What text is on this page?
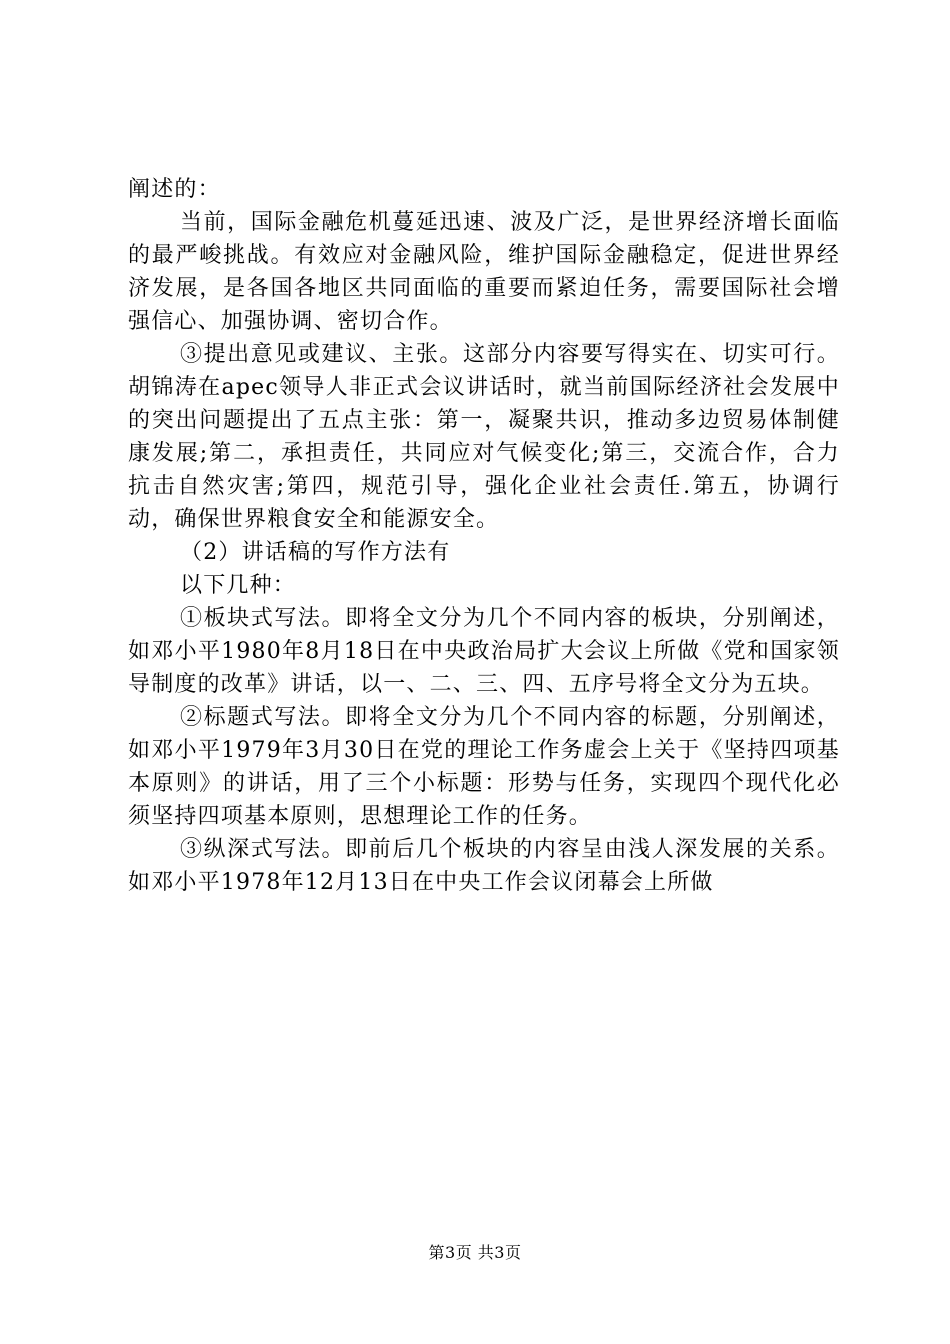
阐述的：

当前，国际金融危机蔓延迅速、波及广泛，是世界经济增长面临的最严峻挑战。有效应对金融风险，维护国际金融稳定，促进世界经济发展，是各国各地区共同面临的重要而紧迫任务，需要国际社会增强信心、加强协调、密切合作。

③提出意见或建议、主张。这部分内容要写得实在、切实可行。胡锦涛在apec领导人非正式会议讲话时，就当前国际经济社会发展中的突出问题提出了五点主张：第一，凝聚共识，推动多边贸易体制健康发展;第二，承担责任，共同应对气候变化;第三，交流合作，合力抗击自然灾害;第四，规范引导，强化企业社会责任.第五，协调行动，确保世界粮食安全和能源安全。

（2）讲话稿的写作方法有

以下几种：

①板块式写法。即将全文分为几个不同内容的板块，分别阐述，如邓小平1980年8月18日在中央政治局扩大会议上所做《党和国家领导制度的改革》讲话，以一、二、三、四、五序号将全文分为五块。

②标题式写法。即将全文分为几个不同内容的标题，分别阐述，如邓小平1979年3月30日在党的理论工作务虚会上关于《坚持四项基本原则》的讲话，用了三个小标题：形势与任务，实现四个现代化必须坚持四项基本原则，思想理论工作的任务。

③纵深式写法。即前后几个板块的内容呈由浅人深发展的关系。如邓小平1978年12月13日在中央工作会议闭幕会上所做

第3页 共3页
